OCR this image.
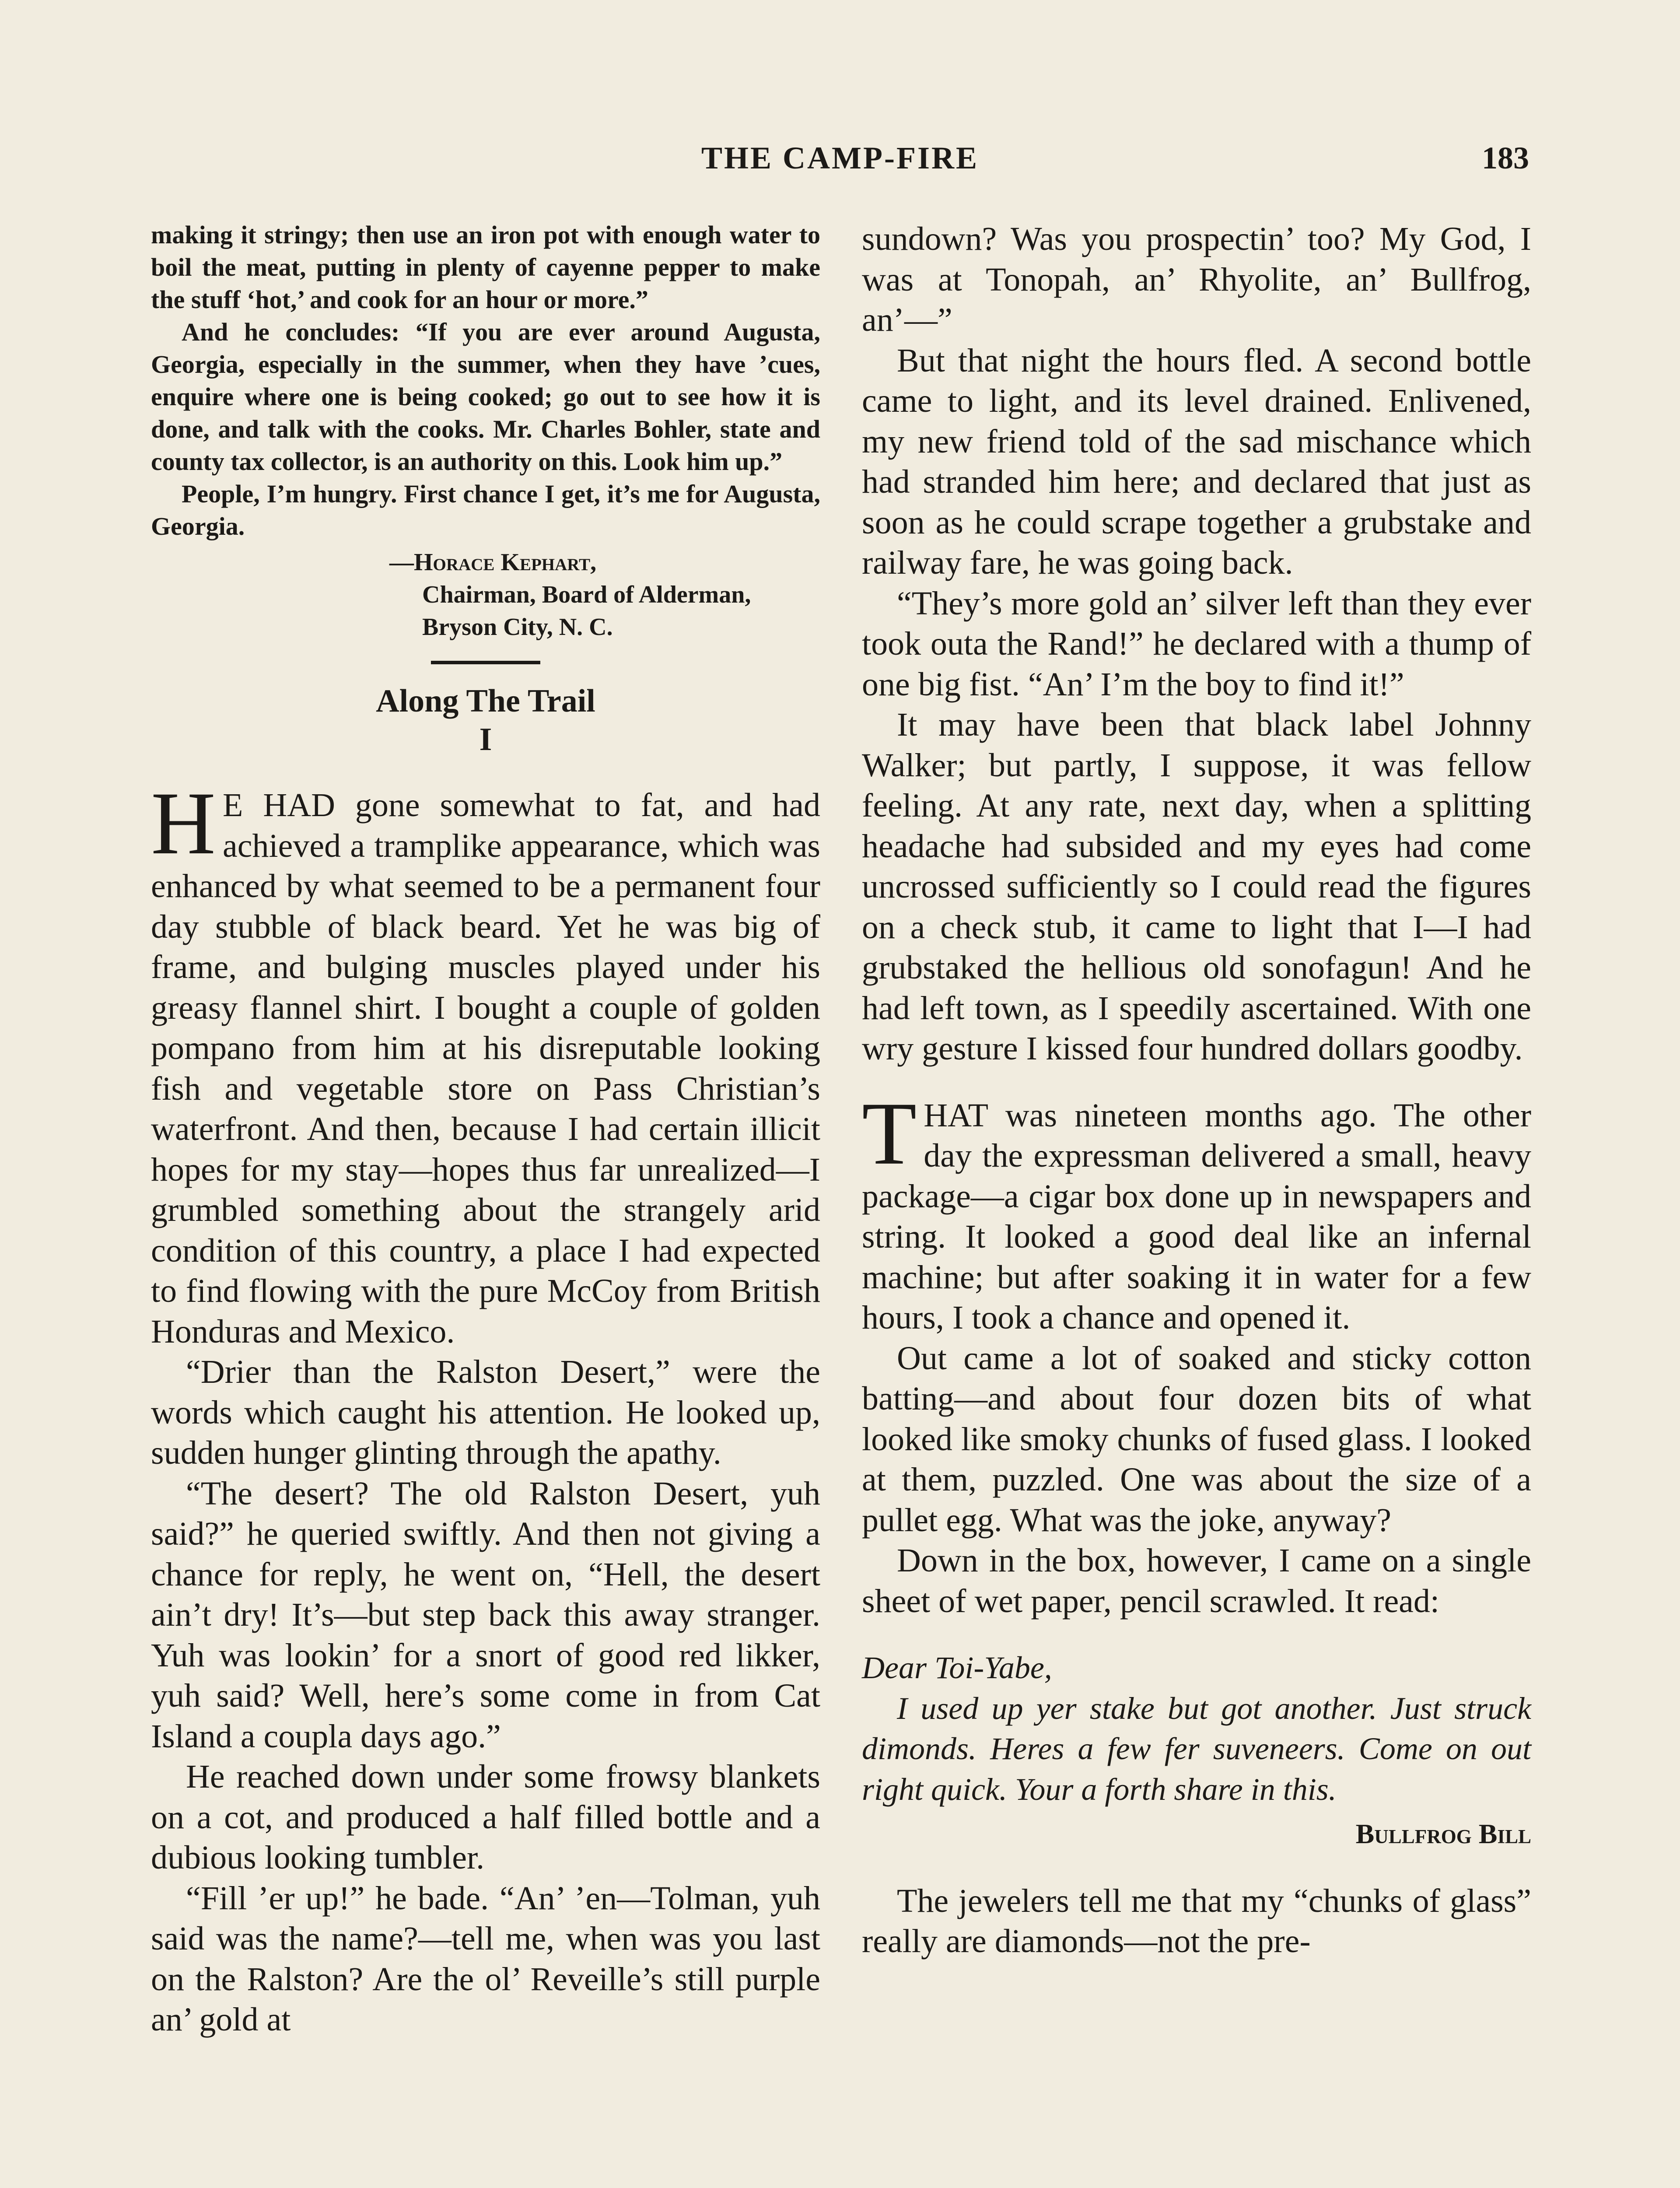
THE CAMP-FIRE	183

making it stringy; then use an iron pot with enough water to boil the meat, putting in plenty of cayenne pepper to make the stuff ‘hot,’ and cook for an hour or more.”

And he concludes: “If you are ever around Augusta, Georgia, especially in the summer, when they have ’cues, enquire where one is being cooked; go out to see how it is done, and talk with the cooks. Mr. Charles Bohler, state and county tax collector, is an authority on this. Look him up.”

People, I’m hungry. First chance I get, it’s me for Augusta, Georgia.

—Horace Kephart,

Chairman, Board of Alderman,

Bryson City, N. C.

Along The Trail

I

H E HAD gone somewhat to fat, and had achieved a tramplike appearance, which was enhanced by what seemed to be a permanent four day stubble of black beard. Yet he was big of frame, and bulging muscles played under his greasy flannel shirt. I bought a couple of golden pompano from him at his disreputable looking fish and vegetable store on Pass Christian’s waterfront. And then, because I had certain illicit hopes for my stay—hopes thus far unrealized—I grumbled something about the strangely arid condition of this country, a place I had expected to find flowing with the pure McCoy from British Honduras and Mexico.

“Drier than the Ralston Desert,” were the words which caught his attention. He looked up, sudden hunger glinting through the apathy.

“The desert? The old Ralston Desert, yuh said?” he queried swiftly. And then not giving a chance for reply, he went on, “Hell, the desert ain’t dry! It’s—but step back this away stranger. Yuh was lookin’ for a snort of good red likker, yuh said? Well, here’s some come in from Cat Island a coupla days ago.”

He reached down under some frowsy blankets on a cot, and produced a half filled bottle and a dubious looking tumbler.

“Fill ’er up!” he bade. “An’ ’en—Tolman, yuh said was the name?—tell me, when was you last on the Ralston? Are the ol’ Reveille’s still purple an’ gold at

sundown? Was you prospectin’ too? My God, I was at Tonopah, an’ Rhyolite, an’ Bullfrog, an’—”

But that night the hours fled. A second bottle came to light, and its level drained. Enlivened, my new friend told of the sad mischance which had stranded him here; and declared that just as soon as he could scrape together a grubstake and railway fare, he was going back.

“They’s more gold an’ silver left than they ever took outa the Rand!” he declared with a thump of one big fist. “An’ I’m the boy to find it!”

It may have been that black label Johnny Walker; but partly, I suppose, it was fellow feeling. At any rate, next day, when a splitting headache had subsided and my eyes had come uncrossed sufficiently so I could read the figures on a check stub, it came to light that I—I had grubstaked the hellious old sonofagun! And he had left town, as I speedily ascertained. With one wry gesture I kissed four hundred dollars goodby.

THAT was nineteen months ago. The other day the expressman delivered a small, heavy package—a cigar box done up in newspapers and string. It looked a good deal like an infernal machine; but after soaking it in water for a few hours, I took a chance and opened it.

Out came a lot of soaked and sticky cotton batting—and about four dozen bits of what looked like smoky chunks of fused glass. I looked at them, puzzled. One was about the size of a pullet egg. What was the joke, anyway?

Down in the box, however, I came on a single sheet of wet paper, pencil scrawled. It read:

Dear Toi-Yabe,

I used up yer stake but got another. Just struck dimonds. Heres a few fer suveneers. Come on out right quick. Your a forth share in this.

Bullfrog Bill

The jewelers tell me that my “chunks of glass” really are diamonds—not the pre-
